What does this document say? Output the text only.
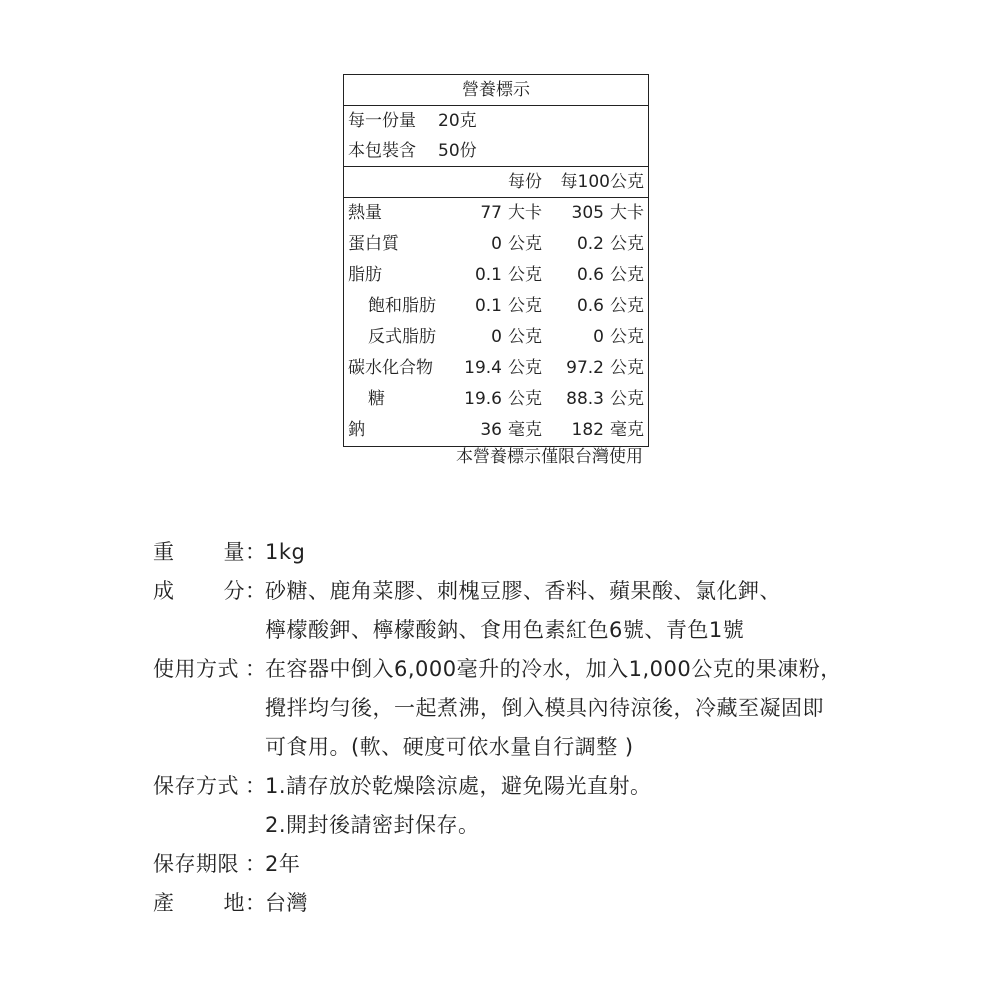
營養標示
每一份量 20克
本包裝含 50份
每份 每100公克
熱量	77 大卡 305 大卡
蛋白質	0 公克 0.2 公克
脂肪	0.1 公克 0.6 公克
飽和脂肪 0.1 公克 0.6 公克
反式脂肪	0 公克	0 公克
碳水化合物 19.4 公克 97.2 公克
糖	19.6 公克 88.3 公克
鈉	36 毫克 182 毫克
本營養標示僅限台灣使用
重 量 ：
1kg
成 分 ：
砂糖、鹿角菜膠、刺槐豆膠、香料、蘋果酸、氯化鉀、
檸檬酸鉀、檸檬酸鈉、食用色素紅色6號、青色1號
使用方式 ：
在容器中倒入6,000毫升的冷水，加入1,000公克的果凍粉，
攪拌均勻後，一起煮沸，倒入模具內待涼後，冷藏至凝固即
可食用。(軟、硬度可依水量自行調整 )
保存方式 ：
1.請存放於乾燥陰涼處，避免陽光直射。
2.開封後請密封保存。
保存期限 ：
2年
產 地 ：
台灣
